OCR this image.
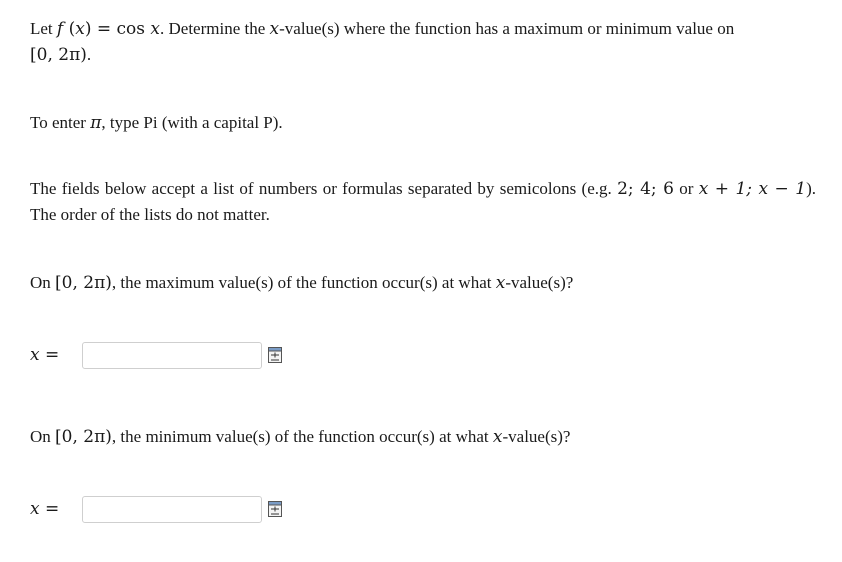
Let f (x) = cos x. Determine the x-value(s) where the function has a maximum or minimum value on
[0, 2π).

To enter π, type Pi (with a capital P).

The fields below accept a list of numbers or formulas separated by semicolons (e.g. 2; 4; 6 or x + 1; x − 1). The order of the lists do not matter.

On [0, 2π), the maximum value(s) of the function occur(s) at what x-value(s)?

x =

On [0, 2π), the minimum value(s) of the function occur(s) at what x-value(s)?

x =
